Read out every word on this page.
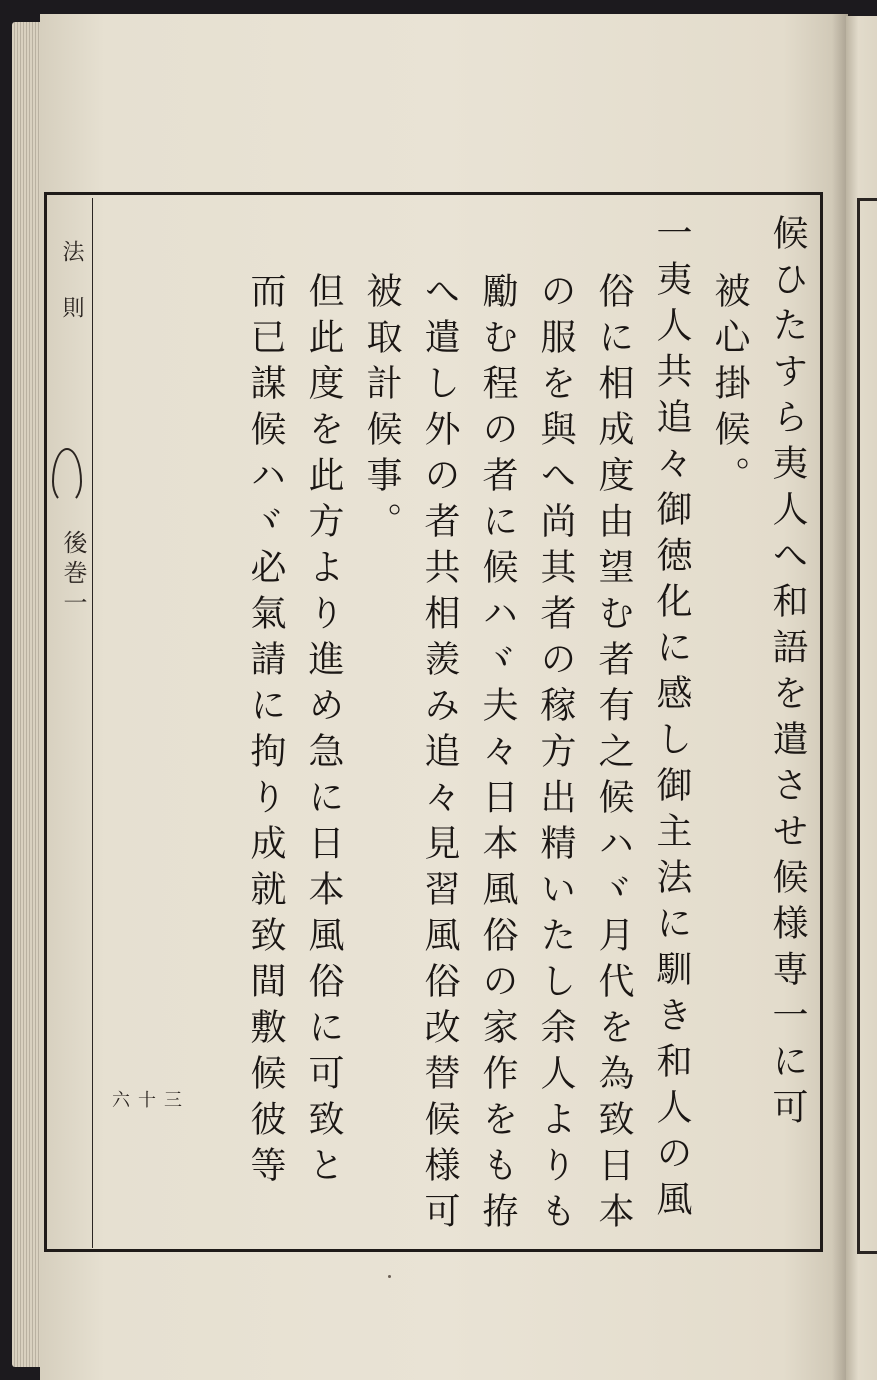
法則
後巻一
三十六	候ひたすら夷人へ和語を遣させ候様専一に可
被心掛候。
一夷人共追々御徳化に感し御主法に馴き和人の風
俗に相成度由望む者有之候ハヾ月代を為致日本
の服を與へ尚其者の稼方出精いたし余人よりも
勵む程の者に候ハヾ夫々日本風俗の家作をも拵
へ遣し外の者共相羨み追々見習風俗改替候様可
被取計候事。
但此度を此方より進め急に日本風俗に可致と
而已謀候ハヾ必氣請に拘り成就致間敷候彼等
